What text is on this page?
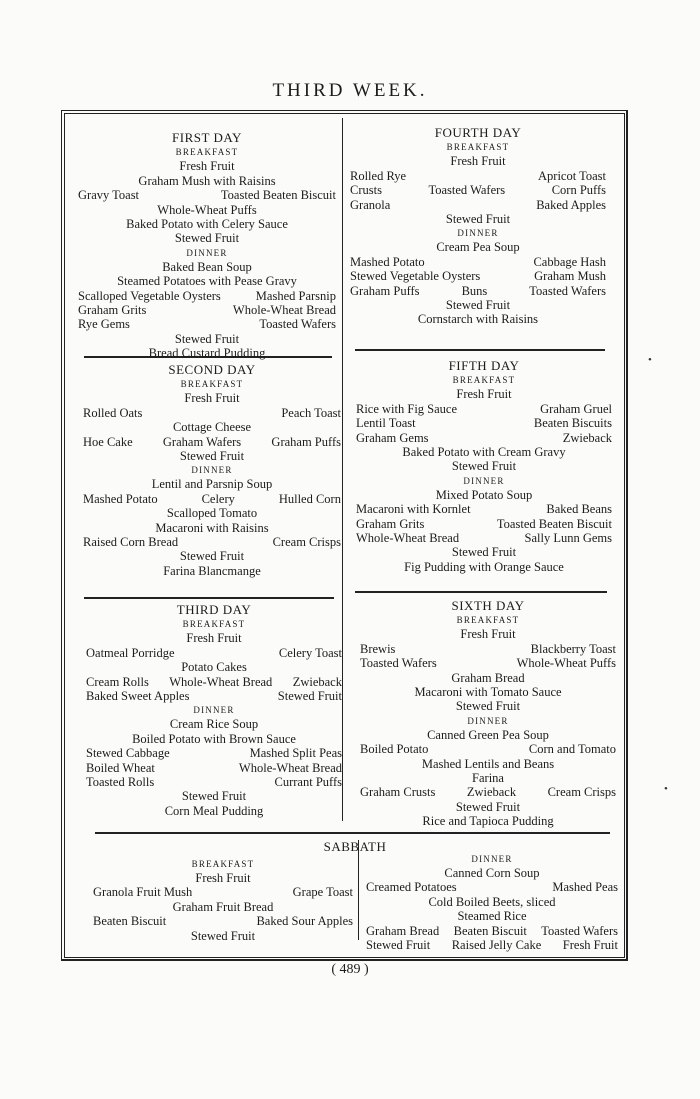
THIRD WEEK.
FIRST DAY
BREAKFAST
Fresh Fruit
Graham Mush with Raisins
Gravy Toast	Toasted Beaten Biscuit
Whole-Wheat Puffs
Baked Potato with Celery Sauce
Stewed Fruit
DINNER
Baked Bean Soup
Steamed Potatoes with Pease Gravy
Scalloped Vegetable Oysters	Mashed Parsnip
Graham Grits	Whole-Wheat Bread
Rye Gems	Toasted Wafers
Stewed Fruit
Bread Custard Pudding
SECOND DAY
BREAKFAST
Fresh Fruit
Rolled Oats	Peach Toast
Cottage Cheese
Hoe Cake Graham Wafers Graham Puffs
Stewed Fruit
DINNER
Lentil and Parsnip Soup
Mashed Potato	Celery	Hulled Corn
Scalloped Tomato
Macaroni with Raisins
Raised Corn Bread	Cream Crisps
Stewed Fruit
Farina Blancmange
THIRD DAY
BREAKFAST
Fresh Fruit
Oatmeal Porridge	Celery Toast
Potato Cakes
Cream Rolls Whole-Wheat Bread Zwieback
Baked Sweet Apples	Stewed Fruit
DINNER
Cream Rice Soup
Boiled Potato with Brown Sauce
Stewed Cabbage	Mashed Split Peas
Boiled Wheat	Whole-Wheat Bread
Toasted Rolls	Currant Puffs
Stewed Fruit
Corn Meal Pudding
FOURTH DAY
BREAKFAST
Fresh Fruit
Rolled Rye	Apricot Toast
Crusts	Toasted Wafers	Corn Puffs
Granola	Baked Apples
Stewed Fruit
DINNER
Cream Pea Soup
Mashed Potato	Cabbage Hash
Stewed Vegetable Oysters	Graham Mush
Graham Puffs	Buns	Toasted Wafers
Stewed Fruit
Cornstarch with Raisins
FIFTH DAY
BREAKFAST
Fresh Fruit
Rice with Fig Sauce	Graham Gruel
Lentil Toast	Beaten Biscuits
Graham Gems	Zwieback
Baked Potato with Cream Gravy
Stewed Fruit
DINNER
Mixed Potato Soup
Macaroni with Kornlet	Baked Beans
Graham Grits	Toasted Beaten Biscuit
Whole-Wheat Bread	Sally Lunn Gems
Stewed Fruit
Fig Pudding with Orange Sauce
SIXTH DAY
BREAKFAST
Fresh Fruit
Brewis	Blackberry Toast
Toasted Wafers	Whole-Wheat Puffs
Graham Bread
Macaroni with Tomato Sauce
Stewed Fruit
DINNER
Canned Green Pea Soup
Boiled Potato	Corn and Tomato
Mashed Lentils and Beans
Farina
Graham Crusts	Zwieback	Cream Crisps
Stewed Fruit
Rice and Tapioca Pudding
SABBATH
BREAKFAST
Fresh Fruit
Granola Fruit Mush	Grape Toast
Graham Fruit Bread
Beaten Biscuit	Baked Sour Apples
Stewed Fruit
DINNER
Canned Corn Soup
Creamed Potatoes	Mashed Peas
Cold Boiled Beets, sliced
Steamed Rice
Graham Bread Beaten Biscuit Toasted Wafers
Stewed Fruit Raised Jelly Cake Fresh Fruit
( 489 )
•
•
